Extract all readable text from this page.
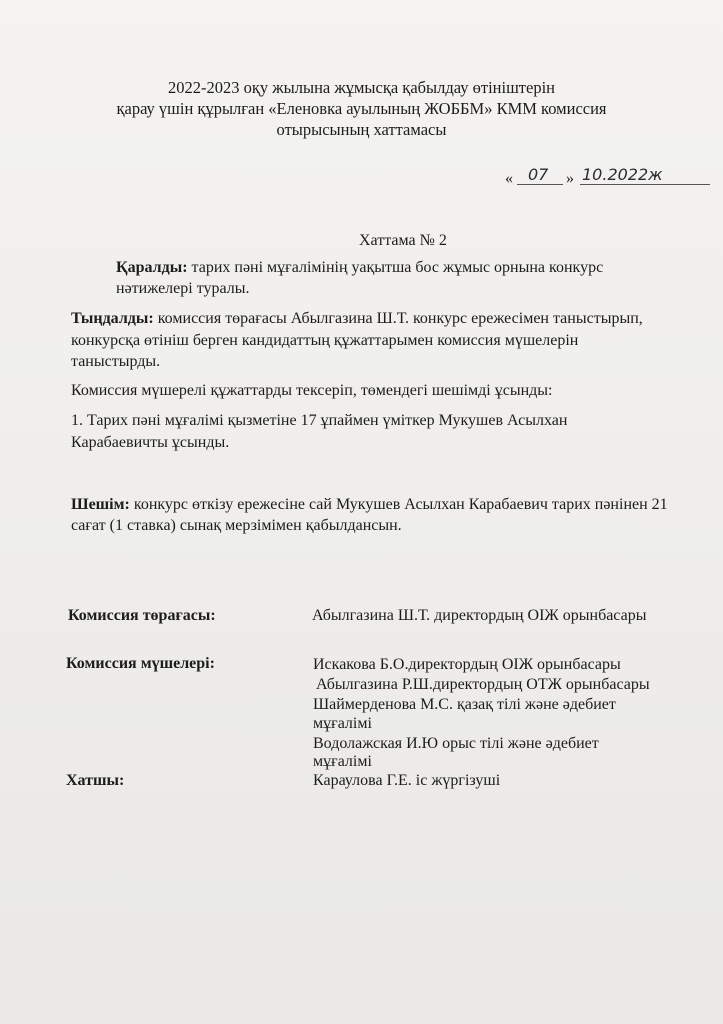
2022-2023 оқу жылына жұмысқа қабылдау өтініштерін
қарау үшін құрылған «Еленовка ауылының ЖОББМ» КММ комиссия
отырысының хаттамасы
« 07 » 10.2022ж
Хаттама № 2
Қаралды: тарих пәні мұғалімінің уақытша бос жұмыс орнына конкурс
нәтижелері туралы.
Тыңдалды: комиссия төрағасы Абылгазина Ш.Т. конкурс ережесімен таныстырып,
конкурсқа өтініш берген кандидаттың құжаттарымен комиссия мүшелерін
таныстырды.
Комиссия мүшерелі құжаттарды тексеріп, төмендегі шешімді ұсынды:
1. Тарих пәні мұғалімі қызметіне 17 ұпаймен үміткер Мукушев Асылхан
Карабаевичты ұсынды.
Шешім: конкурс өткізу ережесіне сай Мукушев Асылхан Карабаевич тарих пәнінен 21
сағат (1 ставка) сынақ мерзімімен қабылдансын.
Комиссия төрағасы:	Абылгазина Ш.Т. директордың ОІЖ орынбасары
Комиссия мүшелері:	Искакова Б.О.директордың ОІЖ орынбасары
Абылгазина Р.Ш.директордың ОТЖ орынбасары
Шаймерденова М.С. қазақ тілі және әдебиет
мұғалімі
Водолажская И.Ю орыс тілі және әдебиет
мұғалімі
Хатшы:	Караулова Г.Е. іс жүргізуші
